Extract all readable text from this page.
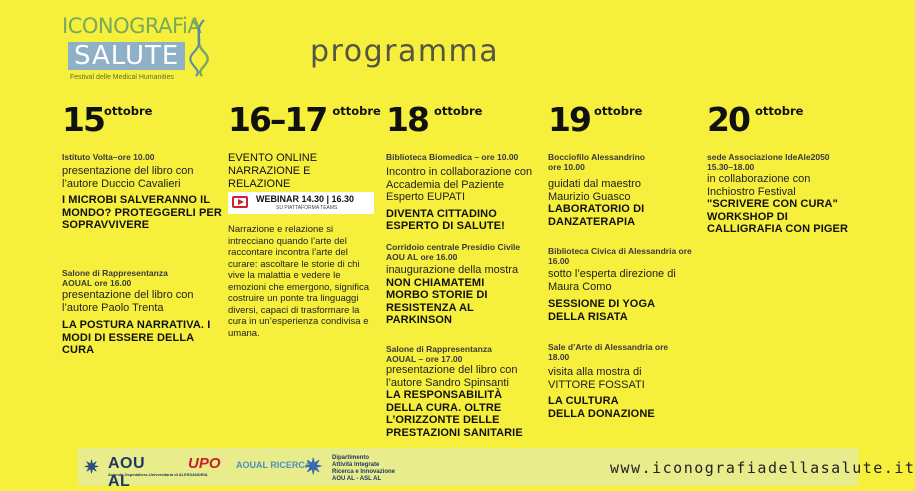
ICONOGRAFiA
SALUTE
Festival delle Medical Humanities
programma
$15^{ottobre}$
Istituto Volta–ore 10.00
presentazione del libro con l’autore Duccio Cavalieri
I MICROBI SALVERANNO IL MONDO? PROTEGGERLI PER SOPRAVVIVERE
Salone di Rappresentanza AOUAL ore 16.00
presentazione del libro con l’autore Paolo Trenta
LA POSTURA NARRATIVA. I MODI DI ESSERE DELLA CURA
16–17 $^{ottobre}$
EVENTO ONLINE NARRAZIONE E RELAZIONE
WEBINAR 14.30 | 16.30
SU PIATTAFORMA TEAMS
Narrazione e relazione si intrecciano quando l’arte del raccontare incontra l’arte del curare: ascoltare le storie di chi vive la malattia e vedere le emozioni che emergono, significa costruire un ponte tra linguaggi diversi, capaci di trasformare la cura in un’esperienza condivisa e umana.
18 $^{ottobre}$
Biblioteca Biomedica – ore 10.00
Incontro in collaborazione con Accademia del Paziente Esperto EUPATI
DIVENTA CITTADINO ESPERTO DI SALUTE!
Corridoio centrale Presidio Civile AOU AL ore 16.00
inaugurazione della mostra
NON CHIAMATEMI MORBO STORIE DI RESISTENZA AL PARKINSON
Salone di Rappresentanza AOUAL – ore 17.00
presentazione del libro con l’autore Sandro Spinsanti
LA RESPONSABILITÀ DELLA CURA. OLTRE L’ORIZZONTE DELLE PRESTAZIONI SANITARIE
19 $^{ottobre}$
Bocciofilo Alessandrino ore 10.00
guidati dal maestro Maurizio Guasco
LABORATORIO DI DANZATERAPIA
Biblioteca Civica di Alessandria ore 16.00
sotto l’esperta direzione di Maura Como
SESSIONE DI YOGA DELLA RISATA
Sale d’Arte di Alessandria ore 18.00
visita alla mostra di VITTORE FOSSATI
LA CULTURA DELLA DONAZIONE
20 $^{ottobre}$
sede Associazione IdeAle2050 15.30–18.00
in collaborazione con Inchiostro Festival
"SCRIVERE CON CURA" WORKSHOP DI CALLIGRAFIA CON PIGER
✷ AOU AL
Azienda Ospedaliero-Universitaria di ALESSANDRIA
UPO AOUAL RICERCA
✷ Dipartimento
Attività Integrate
Ricerca e Innovazione
AOU AL - ASL AL
www.iconografiadellasalute.it
